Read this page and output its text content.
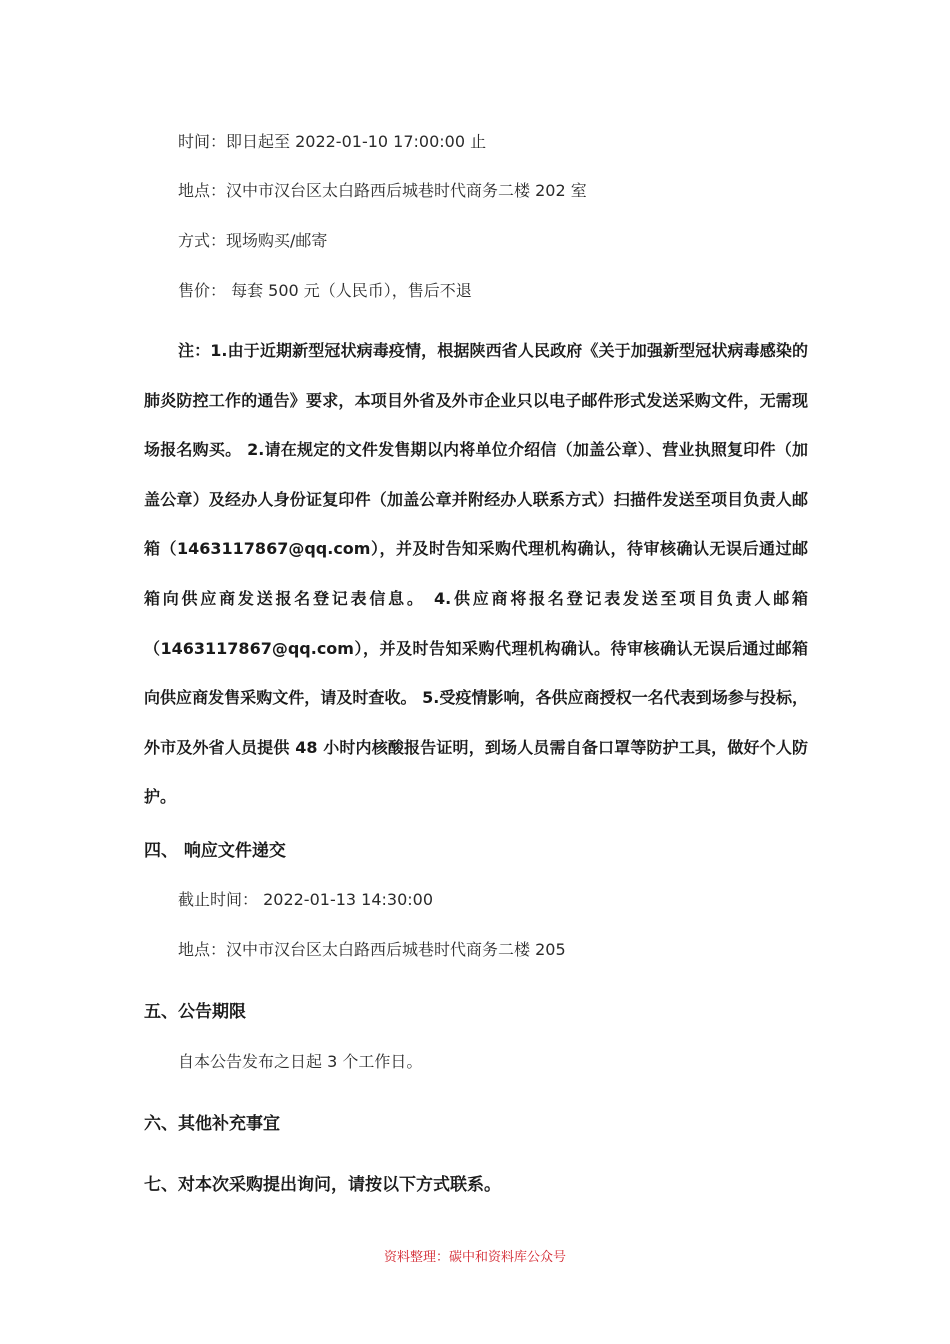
时间：即日起至 2022-01-10 17:00:00 止
地点：汉中市汉台区太白路西后城巷时代商务二楼 202 室
方式：现场购买/邮寄
售价： 每套 500 元（人民币），售后不退
注：1.由于近期新型冠状病毒疫情，根据陕西省人民政府《关于加强新型冠状病毒感染的肺炎防控工作的通告》要求，本项目外省及外市企业只以电子邮件形式发送采购文件，无需现场报名购买。 2.请在规定的文件发售期以内将单位介绍信（加盖公章）、营业执照复印件（加盖公章）及经办人身份证复印件（加盖公章并附经办人联系方式）扫描件发送至项目负责人邮箱（1463117867@qq.com），并及时告知采购代理机构确认，待审核确认无误后通过邮箱向供应商发送报名登记表信息。 4.供应商将报名登记表发送至项目负责人邮箱（1463117867@qq.com），并及时告知采购代理机构确认。待审核确认无误后通过邮箱向供应商发售采购文件，请及时查收。 5.受疫情影响，各供应商授权一名代表到场参与投标，外市及外省人员提供 48 小时内核酸报告证明，到场人员需自备口罩等防护工具，做好个人防护。
四、 响应文件递交
截止时间： 2022-01-13 14:30:00
地点：汉中市汉台区太白路西后城巷时代商务二楼 205
五、公告期限
自本公告发布之日起 3 个工作日。
六、其他补充事宜
七、对本次采购提出询问，请按以下方式联系。
资料整理：碳中和资料库公众号
